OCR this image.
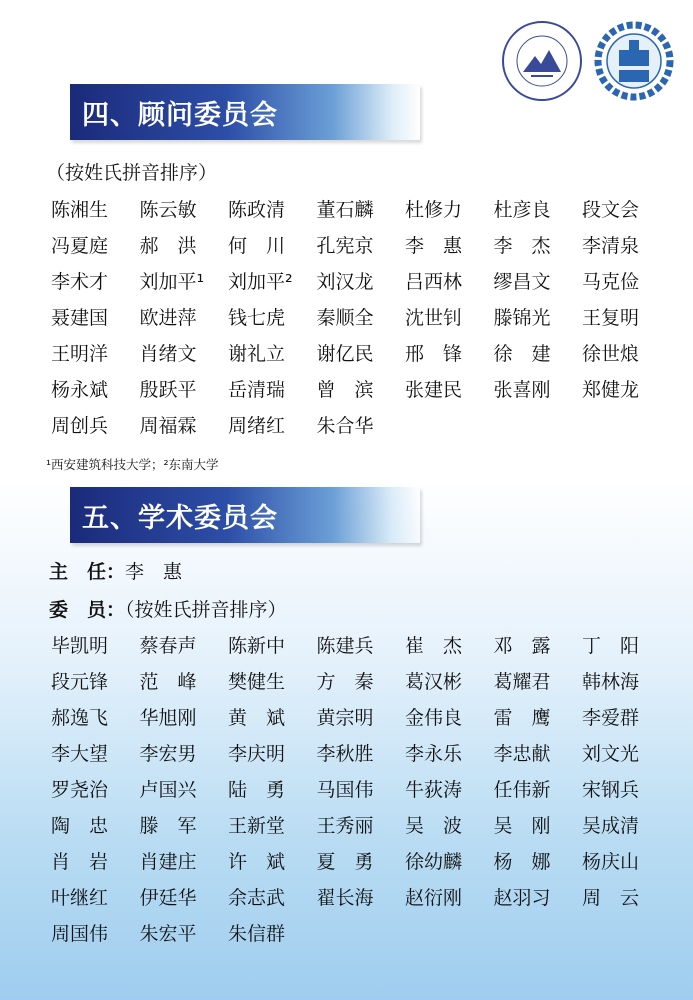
四、顾问委员会
（按姓氏拼音排序）
陈湘生	陈云敏	陈政清	董石麟	杜修力	杜彦良	段文会
冯夏庭	郝　洪	何　川	孔宪京	李　惠	李　杰	李清泉
李术才	刘加平¹	刘加平²	刘汉龙	吕西林	缪昌文	马克俭
聂建国	欧进萍	钱七虎	秦顺全	沈世钊	滕锦光	王复明
王明洋	肖绪文	谢礼立	谢亿民	邢　锋	徐　建	徐世烺
杨永斌	殷跃平	岳清瑞	曾　滨	张建民	张喜刚	郑健龙
周创兵	周福霖	周绪红	朱合华
¹西安建筑科技大学；²东南大学
五、学术委员会
主　任：李　惠
委　员：（按姓氏拼音排序）
毕凯明	蔡春声	陈新中	陈建兵	崔　杰	邓　露	丁　阳
段元锋	范　峰	樊健生	方　秦	葛汉彬	葛耀君	韩林海
郝逸飞	华旭刚	黄　斌	黄宗明	金伟良	雷　鹰	李爱群
李大望	李宏男	李庆明	李秋胜	李永乐	李忠献	刘文光
罗尧治	卢国兴	陆　勇	马国伟	牛荻涛	任伟新	宋钢兵
陶　忠	滕　军	王新堂	王秀丽	吴　波	吴　刚	吴成清
肖　岩	肖建庄	许　斌	夏　勇	徐幼麟	杨　娜	杨庆山
叶继红	伊廷华	余志武	翟长海	赵衍刚	赵羽习	周　云
周国伟	朱宏平	朱信群
